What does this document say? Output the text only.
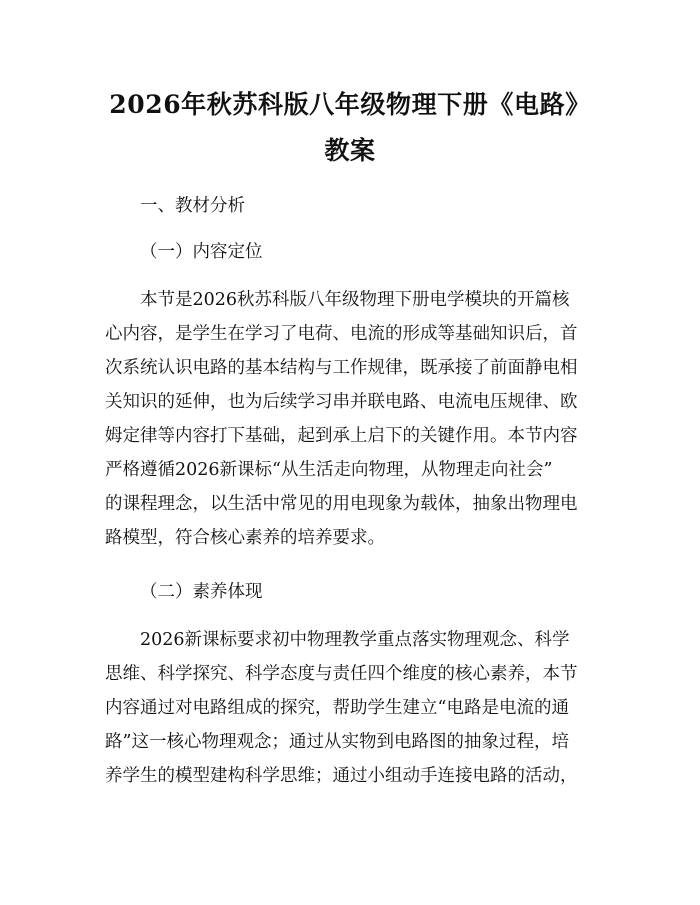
2026年秋苏科版八年级物理下册《电路》教案

一、教材分析

（一）内容定位

本节是2026秋苏科版八年级物理下册电学模块的开篇核

心内容，是学生在学习了电荷、电流的形成等基础知识后，首

次系统认识电路的基本结构与工作规律，既承接了前面静电相

关知识的延伸，也为后续学习串并联电路、电流电压规律、欧

姆定律等内容打下基础，起到承上启下的关键作用。本节内容

严格遵循2026新课标“从生活走向物理，从物理走向社会”

的课程理念，以生活中常见的用电现象为载体，抽象出物理电

路模型，符合核心素养的培养要求。

（二）素养体现

2026新课标要求初中物理教学重点落实物理观念、科学

思维、科学探究、科学态度与责任四个维度的核心素养，本节

内容通过对电路组成的探究，帮助学生建立“电路是电流的通

路”这一核心物理观念；通过从实物到电路图的抽象过程，培

养学生的模型建构科学思维；通过小组动手连接电路的活动，
